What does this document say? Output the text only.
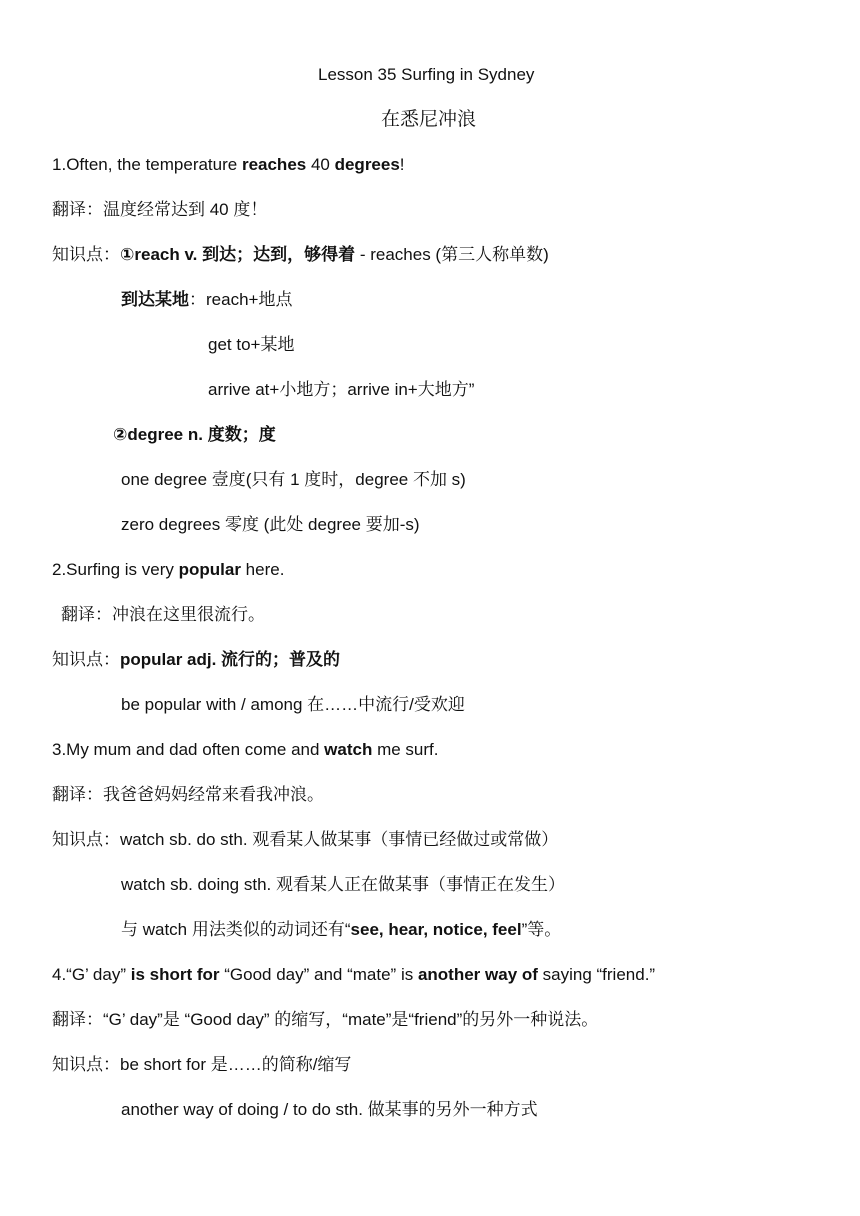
Lesson 35 Surfing in Sydney
在悉尼冲浪
1.Often, the temperature reaches 40 degrees!
翻译：温度经常达到 40 度！
知识点：①reach v. 到达；达到，够得着 - reaches (第三人称单数)
到达某地：reach+地点
get to+某地
arrive at+小地方；arrive in+大地方”
②degree n. 度数；度
one degree 壹度(只有 1 度时，degree 不加 s)
zero degrees 零度 (此处 degree 要加-s)
2.Surfing is very popular here.
翻译：冲浪在这里很流行。
知识点：popular adj. 流行的；普及的
be popular with / among 在……中流行/受欢迎
3.My mum and dad often come and watch me surf.
翻译：我爸爸妈妈经常来看我冲浪。
知识点：watch sb. do sth. 观看某人做某事（事情已经做过或常做）
watch sb. doing sth. 观看某人正在做某事（事情正在发生）
与 watch 用法类似的动词还有“see, hear, notice, feel”等。
4.“G’ day” is short for “Good day” and “mate” is another way of saying “friend.”
翻译：“G’ day”是 “Good day” 的缩写，“mate”是“friend”的另外一种说法。
知识点：be short for 是……的简称/缩写
another way of doing / to do sth. 做某事的另外一种方式
